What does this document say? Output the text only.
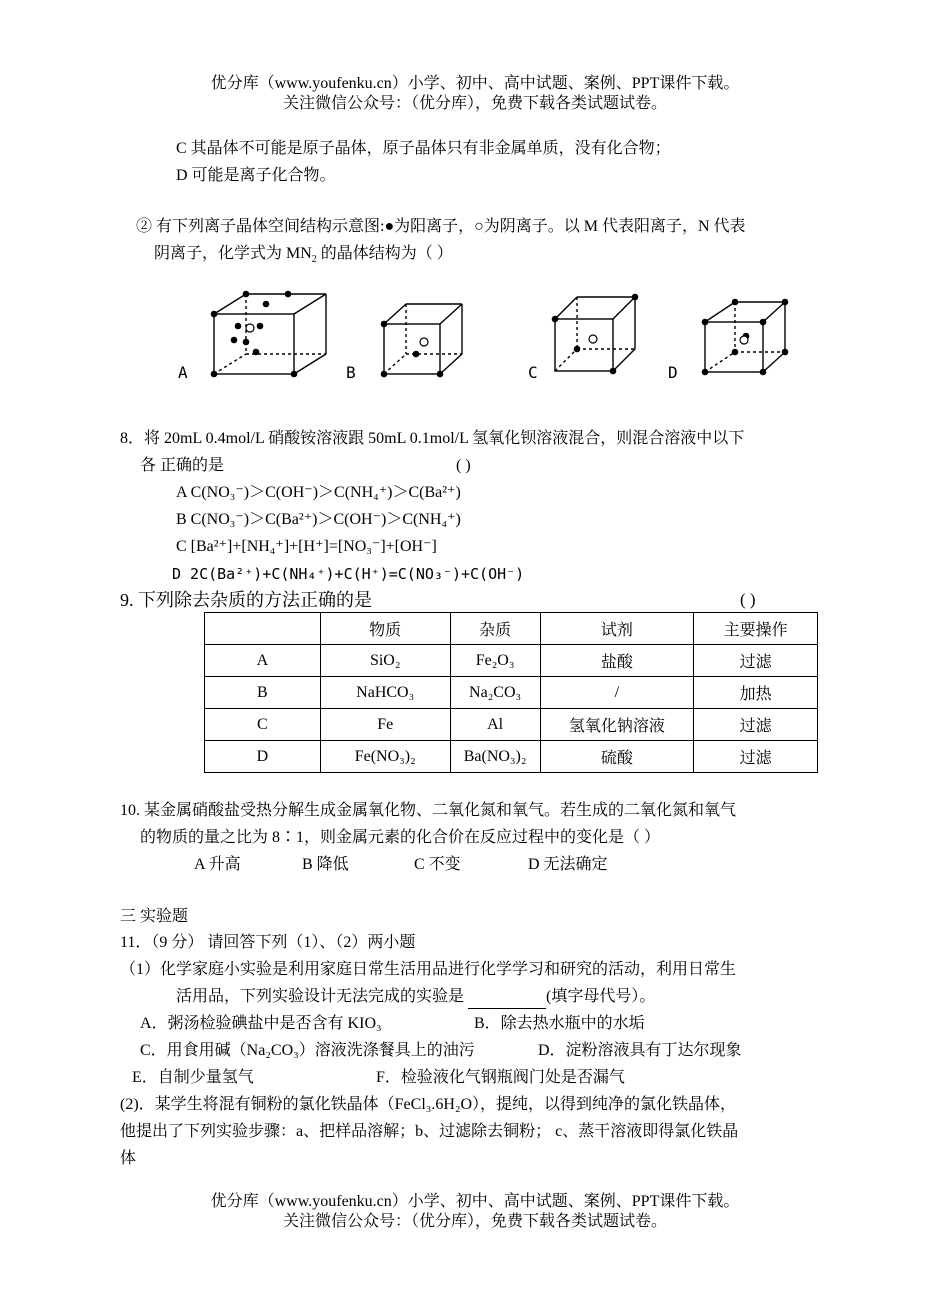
优分库（www.youfenku.cn）小学、初中、高中试题、案例、PPT课件下载。
关注微信公众号：（优分库），免费下载各类试题试卷。
C 其晶体不可能是原子晶体，原子晶体只有非金属单质，没有化合物；
D 可能是离子化合物。
② 有下列离子晶体空间结构示意图:●为阳离子，○为阴离子。以 M 代表阳离子，N 代表
阴离子，化学式为 $MN_2$ 的晶体结构为（ ）
A	B	C	D
8．将 20mL 0.4mol/L 硝酸铵溶液跟 50mL 0.1mol/L 氢氧化钡溶液混合，则混合溶液中以下
各 正确的是	( )
A C(NO₃⁻)＞C(OH⁻)＞C(NH₄⁺)＞C(Ba²⁺)
B C(NO₃⁻)＞C(Ba²⁺)＞C(OH⁻)＞C(NH₄⁺)
C [Ba²⁺]+[NH₄⁺]+[H⁺]=[NO₃⁻]+[OH⁻]
D 2C(Ba²⁺)+C(NH₄⁺)+C(H⁺)=C(NO₃⁻)+C(OH⁻)
9. 下列除去杂质的方法正确的是	( )
	物质	杂质	试剂	主要操作
A	SiO₂	Fe₂O₃	盐酸	过滤
B	NaHCO₃	Na₂CO₃	/	加热
C	Fe	Al	氢氧化钠溶液	过滤
D	Fe(NO₃)₂	Ba(NO₃)₂	硫酸	过滤
10. 某金属硝酸盐受热分解生成金属氧化物、二氧化氮和氧气。若生成的二氧化氮和氧气
的物质的量之比为 8∶1，则金属元素的化合价在反应过程中的变化是（ ）
A 升高	B 降低	C 不变	D 无法确定
三 实验题
11．（9 分） 请回答下列（1）、（2）两小题
（1）化学家庭小实验是利用家庭日常生活用品进行化学学习和研究的活动，利用日常生
活用品，下列实验设计无法完成的实验是	(填字母代号）。
A．粥汤检验碘盐中是否含有 KIO₃	B．除去热水瓶中的水垢
C．用食用碱（Na₂CO₃）溶液洗涤餐具上的油污	D．淀粉溶液具有丁达尔现象
E．自制少量氢气	F．检验液化气钢瓶阀门处是否漏气
(2)．某学生将混有铜粉的氯化铁晶体（FeCl₃.6H₂O），提纯，以得到纯净的氯化铁晶体，
他提出了下列实验步骤：a、把样品溶解；b、过滤除去铜粉； c、蒸干溶液即得氯化铁晶
体
优分库（www.youfenku.cn）小学、初中、高中试题、案例、PPT课件下载。
关注微信公众号：（优分库），免费下载各类试题试卷。
